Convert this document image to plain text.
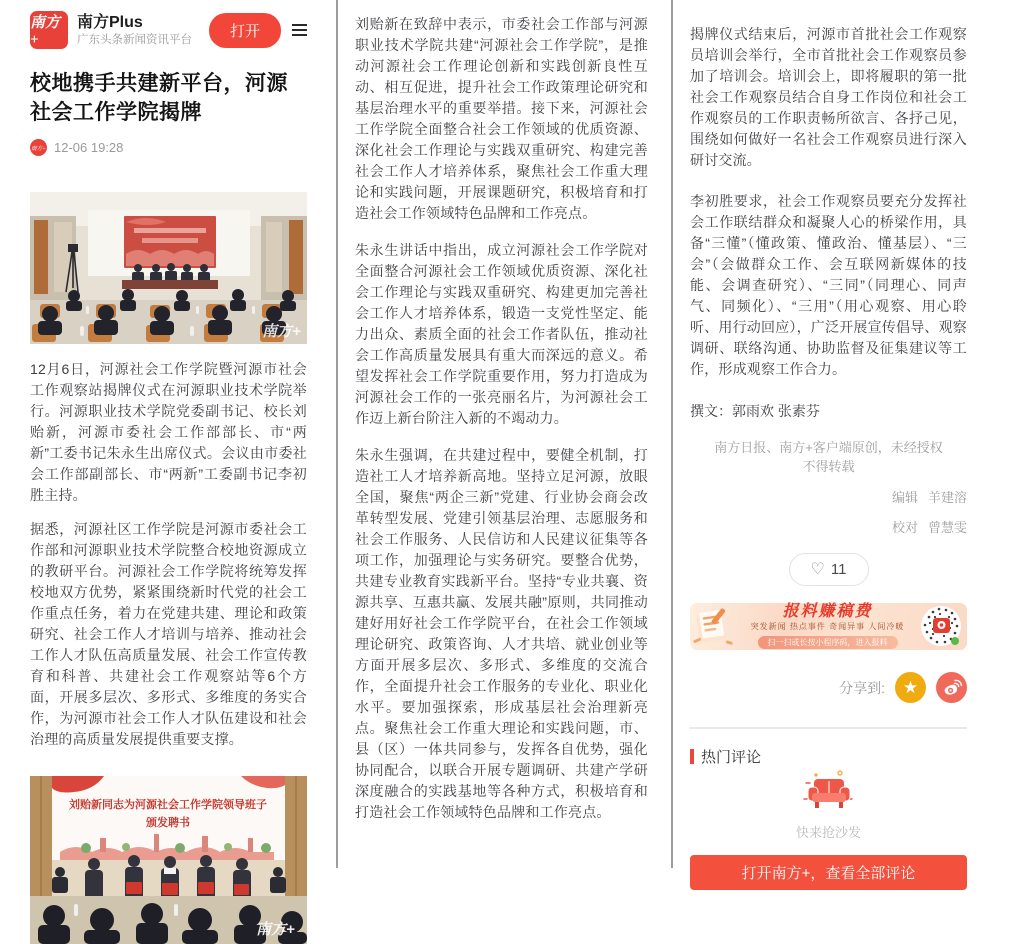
南方+
南方Plus
广东头条新闻资讯平台	打开
校地携手共建新平台，河源社会工作学院揭牌
南方+ 12-06 19:28
南方+

12月6日，河源社会工作学院暨河源市社会工作观察站揭牌仪式在河源职业技术学院举行。河源职业技术学院党委副书记、校长刘贻新，河源市委社会工作部部长、市“两新”工委书记朱永生出席仪式。会议由市委社会工作部副部长、市“两新”工委副书记李初胜主持。

据悉，河源社区工作学院是河源市委社会工作部和河源职业技术学院整合校地资源成立的教研平台。河源社会工作学院将统筹发挥校地双方优势，紧紧围绕新时代党的社会工作重点任务，着力在党建共建、理论和政策研究、社会工作人才培训与培养、推动社会工作人才队伍高质量发展、社会工作宣传教育和科普、共建社会工作观察站等6个方面，开展多层次、多形式、多维度的务实合作，为河源市社会工作人才队伍建设和社会治理的高质量发展提供重要支撑。

刘贻新同志为河源社会工作学院领导班子
颁发聘书
南方+

刘贻新在致辞中表示，市委社会工作部与河源职业技术学院共建“河源社会工作学院”，是推动河源社会工作理论创新和实践创新良性互动、相互促进，提升社会工作政策理论研究和基层治理水平的重要举措。接下来，河源社会工作学院全面整合社会工作领域的优质资源、深化社会工作理论与实践双重研究、构建完善社会工作人才培养体系，聚焦社会工作重大理论和实践问题，开展课题研究，积极培育和打造社会工作领域特色品牌和工作亮点。

朱永生讲话中指出，成立河源社会工作学院对全面整合河源社会工作领域优质资源、深化社会工作理论与实践双重研究、构建更加完善社会工作人才培养体系，锻造一支党性坚定、能力出众、素质全面的社会工作者队伍，推动社会工作高质量发展具有重大而深远的意义。希望发挥社会工作学院重要作用，努力打造成为河源社会工作的一张亮丽名片，为河源社会工作迈上新台阶注入新的不竭动力。

朱永生强调，在共建过程中，要健全机制，打造社工人才培养新高地。坚持立足河源，放眼全国，聚焦“两企三新”党建、行业协会商会改革转型发展、党建引领基层治理、志愿服务和社会工作服务、人民信访和人民建议征集等各项工作，加强理论与实务研究。要整合优势，共建专业教育实践新平台。坚持“专业共襄、资源共享、互惠共赢、发展共融”原则，共同推动建好用好社会工作学院平台，在社会工作领域理论研究、政策咨询、人才共培、就业创业等方面开展多层次、多形式、多维度的交流合作，全面提升社会工作服务的专业化、职业化水平。要加强探索，形成基层社会治理新亮点。聚焦社会工作重大理论和实践问题，市、县（区）一体共同参与，发挥各自优势，强化协同配合，以联合开展专题调研、共建产学研深度融合的实践基地等各种方式，积极培育和打造社会工作领域特色品牌和工作亮点。

揭牌仪式结束后，河源市首批社会工作观察员培训会举行，全市首批社会工作观察员参加了培训会。培训会上，即将履职的第一批社会工作观察员结合自身工作岗位和社会工作观察员的工作职责畅所欲言、各抒己见，围绕如何做好一名社会工作观察员进行深入研讨交流。

李初胜要求，社会工作观察员要充分发挥社会工作联结群众和凝聚人心的桥梁作用，具备“三懂”（懂政策、懂政治、懂基层）、“三会”（会做群众工作、会互联网新媒体的技能、会调查研究）、“三同”（同理心、同声气、同频化）、“三用”（用心观察、用心聆听、用行动回应），广泛开展宣传倡导、观察调研、联络沟通、协助监督及征集建议等工作，形成观察工作合力。

撰文：郭雨欢 张素芬
南方日报、南方+客户端原创，未经授权不得转载
编辑 羊建溶
校对 曾慧雯
♡ 11
报料赚稿费
突发新闻 热点事件 奇闻异事 人间冷暖
扫一扫或长按小程序码，进入报料
分享到:	★
热门评论
快来抢沙发
打开南方+，查看全部评论
